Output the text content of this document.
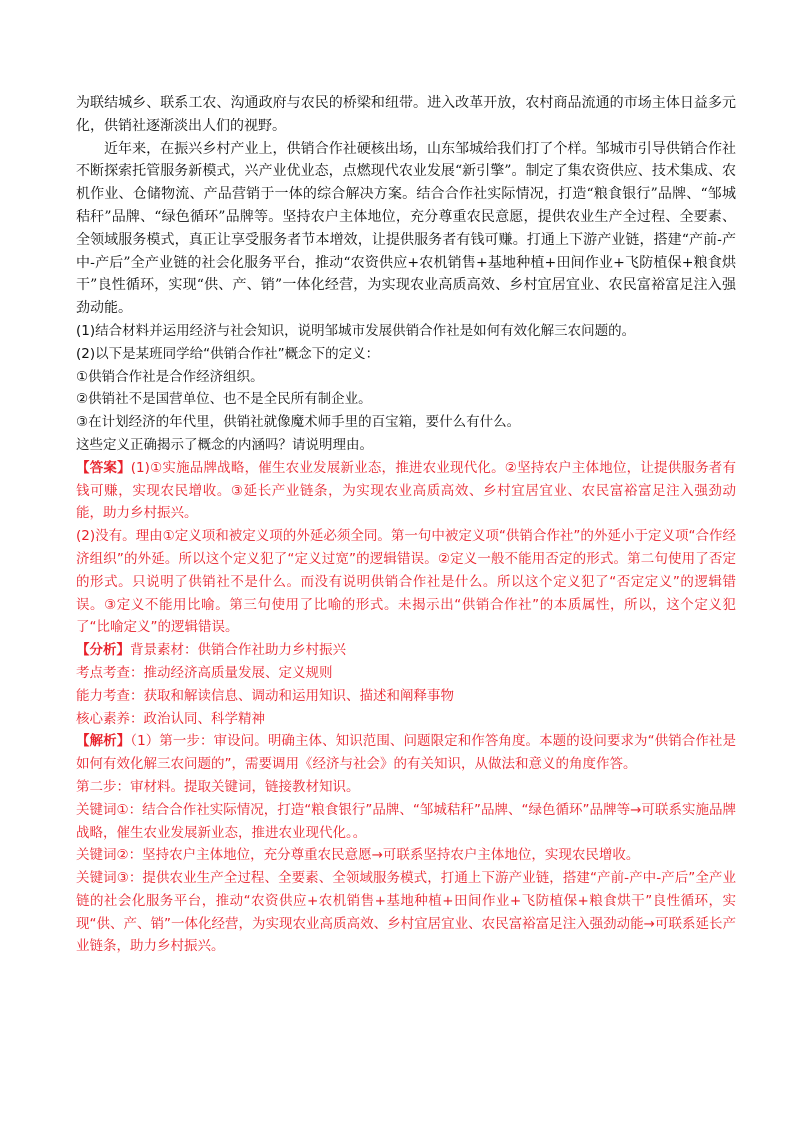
为联结城乡、联系工农、沟通政府与农民的桥梁和纽带。进入改革开放，农村商品流通的市场主体日益多元化，供销社逐渐淡出人们的视野。

近年来，在振兴乡村产业上，供销合作社硬核出场，山东邹城给我们打了个样。邹城市引导供销合作社不断探索托管服务新模式，兴产业优业态，点燃现代农业发展“新引擎”。制定了集农资供应、技术集成、农机作业、仓储物流、产品营销于一体的综合解决方案。结合合作社实际情况，打造“粮食银行”品牌、“邹城秸秆”品牌、“绿色循环”品牌等。坚持农户主体地位，充分尊重农民意愿，提供农业生产全过程、全要素、全领域服务模式，真正让享受服务者节本增效，让提供服务者有钱可赚。打通上下游产业链，搭建“产前-产中-产后”全产业链的社会化服务平台，推动“农资供应+农机销售+基地种植+田间作业+飞防植保+粮食烘干”良性循环，实现“供、产、销”一体化经营，为实现农业高质高效、乡村宜居宜业、农民富裕富足注入强劲动能。

(1)结合材料并运用经济与社会知识，说明邹城市发展供销合作社是如何有效化解三农问题的。

(2)以下是某班同学给“供销合作社”概念下的定义：

①供销合作社是合作经济组织。

②供销社不是国营单位、也不是全民所有制企业。

③在计划经济的年代里，供销社就像魔术师手里的百宝箱，要什么有什么。

这些定义正确揭示了概念的内涵吗？请说明理由。

【答案】(1)①实施品牌战略，催生农业发展新业态，推进农业现代化。②坚持农户主体地位，让提供服务者有钱可赚，实现农民增收。③延长产业链条，为实现农业高质高效、乡村宜居宜业、农民富裕富足注入强劲动能，助力乡村振兴。

(2)没有。理由①定义项和被定义项的外延必须全同。第一句中被定义项“供销合作社”的外延小于定义项“合作经济组织”的外延。所以这个定义犯了“定义过宽”的逻辑错误。②定义一般不能用否定的形式。第二句使用了否定的形式。只说明了供销社不是什么。而没有说明供销合作社是什么。所以这个定义犯了“否定定义”的逻辑错误。③定义不能用比喻。第三句使用了比喻的形式。未揭示出“供销合作社”的本质属性，所以，这个定义犯了“比喻定义”的逻辑错误。

【分析】背景素材：供销合作社助力乡村振兴

考点考查：推动经济高质量发展、定义规则

能力考查：获取和解读信息、调动和运用知识、描述和阐释事物

核心素养：政治认同、科学精神

【解析】（1）第一步：审设问。明确主体、知识范围、问题限定和作答角度。本题的设问要求为“供销合作社是如何有效化解三农问题的”，需要调用《经济与社会》的有关知识，从做法和意义的角度作答。

第二步：审材料。提取关键词，链接教材知识。

关键词①：结合合作社实际情况，打造“粮食银行”品牌、“邹城秸秆”品牌、“绿色循环”品牌等→可联系实施品牌战略，催生农业发展新业态，推进农业现代化。。

关键词②：坚持农户主体地位，充分尊重农民意愿→可联系坚持农户主体地位，实现农民增收。

关键词③：提供农业生产全过程、全要素、全领域服务模式，打通上下游产业链，搭建“产前-产中-产后”全产业链的社会化服务平台，推动“农资供应+农机销售+基地种植+田间作业+飞防植保+粮食烘干”良性循环，实现“供、产、销”一体化经营，为实现农业高质高效、乡村宜居宜业、农民富裕富足注入强劲动能→可联系延长产业链条，助力乡村振兴。
